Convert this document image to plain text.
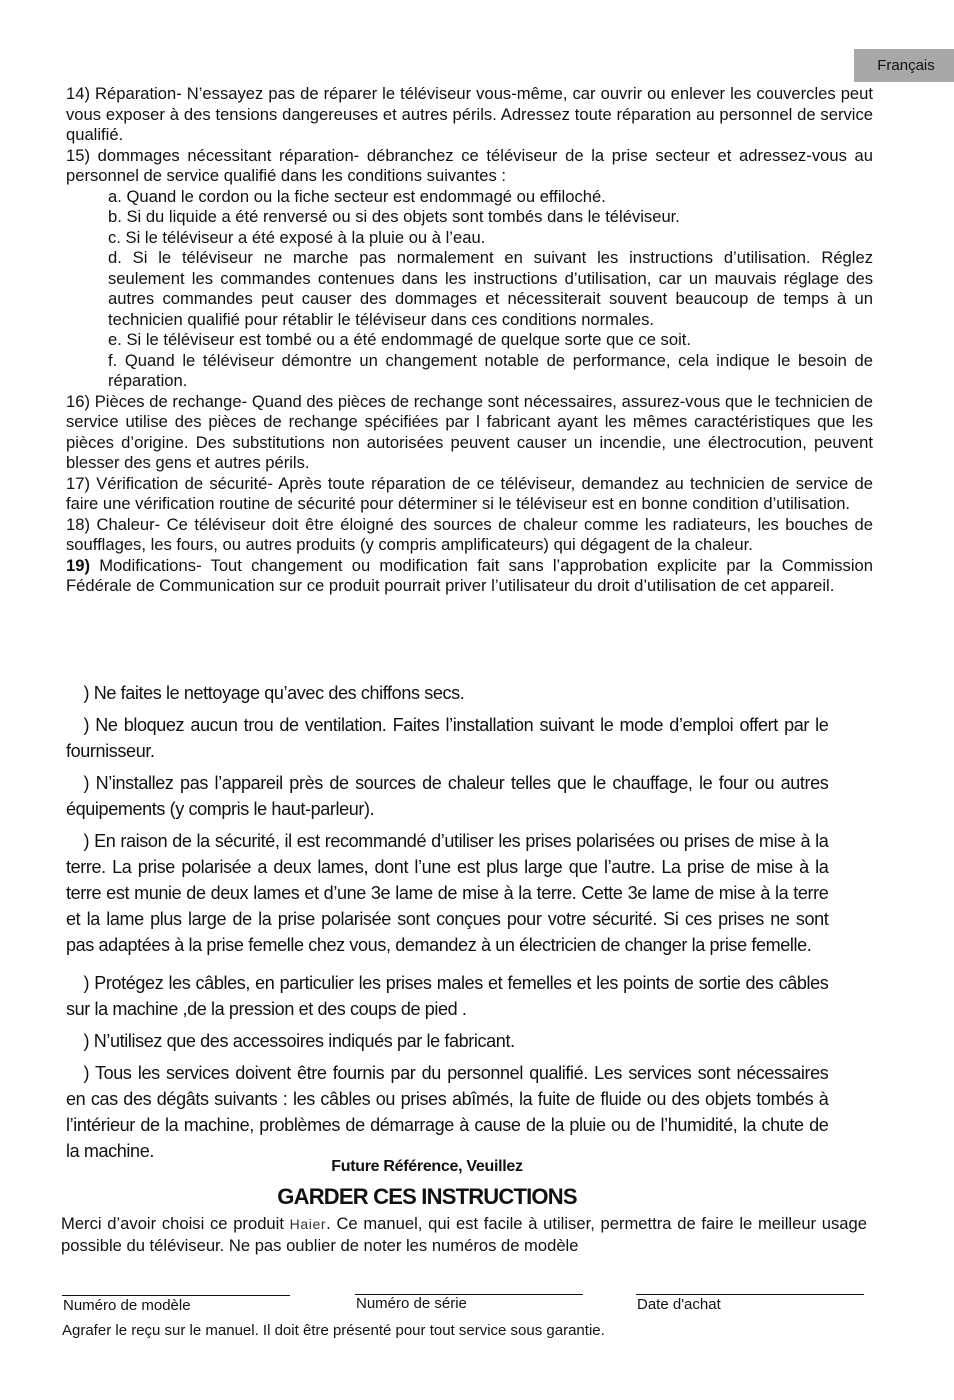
Français

14) Réparation- N’essayez pas de réparer le téléviseur vous-même, car ouvrir ou enlever les couvercles peut vous exposer à des tensions dangereuses et autres périls. Adressez toute réparation au personnel de service qualifié.

15) dommages nécessitant réparation- débranchez ce téléviseur de la prise secteur et adressez-vous au personnel de service qualifié dans les conditions suivantes :

a. Quand le cordon ou la fiche secteur est endommagé ou effiloché.

b. Si du liquide a été renversé ou si des objets sont tombés dans le téléviseur.

c. Si le téléviseur a été exposé à la pluie ou à l’eau.

d. Si le téléviseur ne marche pas normalement en suivant les instructions d’utilisation. Réglez seulement les commandes contenues dans les instructions d’utilisation, car un mauvais réglage des autres commandes peut causer des dommages et nécessiterait souvent beaucoup de temps à un technicien qualifié pour rétablir le téléviseur dans ces conditions normales.

e. Si le téléviseur est tombé ou a été endommagé de quelque sorte que ce soit.

f. Quand le téléviseur démontre un changement notable de performance, cela indique le besoin de réparation.

16) Pièces de rechange- Quand des pièces de rechange sont nécessaires, assurez-vous que le technicien de service utilise des pièces de rechange spécifiées par l fabricant ayant les mêmes caractéristiques que les pièces d’origine. Des substitutions non autorisées peuvent causer un incendie, une électrocution, peuvent blesser des gens et autres périls.

17) Vérification de sécurité- Après toute réparation de ce téléviseur, demandez au technicien de service de faire une vérification routine de sécurité pour déterminer si le téléviseur est en bonne condition d’utilisation.

18) Chaleur- Ce téléviseur doit être éloigné des sources de chaleur comme les radiateurs, les bouches de soufflages, les fours, ou autres produits (y compris amplificateurs) qui dégagent de la chaleur.

19) Modifications- Tout changement ou modification fait sans l’approbation explicite par la Commission Fédérale de Communication sur ce produit pourrait priver l’utilisateur du droit d’utilisation de cet appareil.

) Ne faites le nettoyage qu’avec des chiffons secs.

) Ne bloquez aucun trou de ventilation. Faites l’installation suivant le mode d’emploi offert par le fournisseur.

) N’installez pas l’appareil près de sources de chaleur telles que le chauffage, le four ou autres équipements (y compris le haut-parleur).

) En raison de la sécurité, il est recommandé d’utiliser les prises polarisées ou prises de mise à la terre. La prise polarisée a deux lames, dont l’une est plus large que l’autre. La prise de mise à la terre est munie de deux lames et d’une 3e lame de mise à la terre. Cette 3e lame de mise à la terre et la lame plus large de la prise polarisée sont conçues pour votre sécurité. Si ces prises ne sont pas adaptées à la prise femelle chez vous, demandez à un électricien de changer la prise femelle.

) Protégez les câbles, en particulier les prises males et femelles et les points de sortie des câbles sur la machine ,de la pression et des coups de pied .

) N’utilisez que des accessoires indiqués par le fabricant.

) Tous les services doivent être fournis par du personnel qualifié. Les services sont nécessaires en cas des dégâts suivants : les câbles ou prises abîmés, la fuite de fluide ou des objets tombés à l’intérieur de la machine, problèmes de démarrage à cause de la pluie ou de l’humidité, la chute de la machine.

Future Référence, Veuillez
GARDER CES INSTRUCTIONS

Merci d’avoir choisi ce produit Haier. Ce manuel, qui est facile à utiliser, permettra de faire le meilleur usage possible du téléviseur. Ne pas oublier de noter les numéros de modèle

Numéro de modèle	Numéro de série	Date d'achat
Agrafer le reçu sur le manuel. Il doit être présenté pour tout service sous garantie.
